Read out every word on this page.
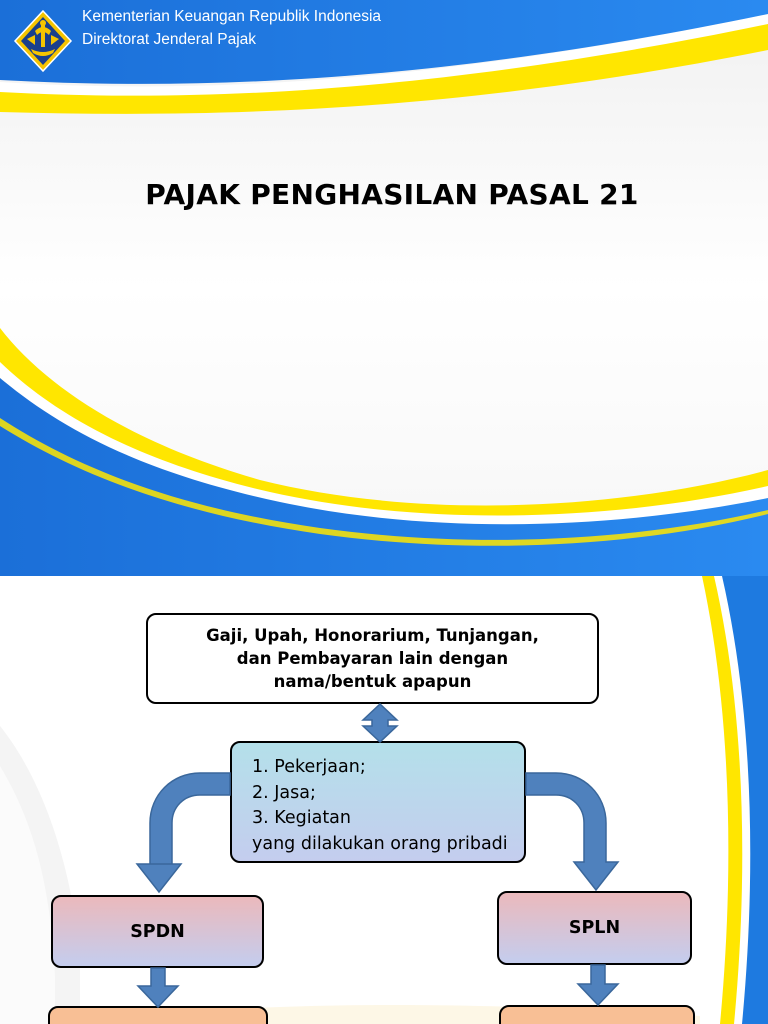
Kementerian Keuangan Republik Indonesia
Direktorat Jenderal Pajak
PAJAK PENGHASILAN PASAL 21
Gaji, Upah, Honorarium, Tunjangan,
dan Pembayaran lain dengan
nama/bentuk apapun
1. Pekerjaan;
2. Jasa;
3. Kegiatan
yang dilakukan orang pribadi
SPDN	SPLN
